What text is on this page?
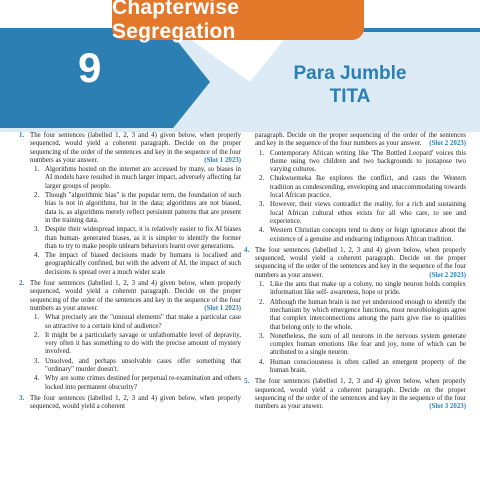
Chapterwise Segregation
9	Para Jumble
TITA
1. The four sentences (labelled 1, 2, 3 and 4) given below, when properly sequenced, would yield a coherent paragraph. Decide on the proper sequencing of the order of the sentences and key in the sequence of the four numbers as your answer.	(Slot 1 2023)

1. Algorithms hosted on the internet are accessed by many, so biases in AI models have resulted in much larger impact, adversely affecting far larger groups of people.
2. Though "algorithmic bias" is the popular term, the foundation of such bias is not in algorithms, but in the data; algorithms are not biased, data is, as algorithms merely reflect persistent patterns that are present in the training data.
3. Despite their widespread impact, it is relatively easier to fix AI biases than human- generated biases, as it is simpler to identify the former than to try to make people unlearn behaviors learnt over generations.
4. The impact of biased decisions made by humans is localised and geographically confined, but with the advent of AI, the impact of such decisions is spread over a much wider scale
2. The four sentences (labelled 1, 2, 3 and 4) given below, when properly sequenced, would yield a coherent paragraph. Decide on the proper sequencing of the order of the sentences and key in the sequence of the four numbers as your answer.	(Slot 1 2023)

1. What precisely are the "unusual elements" that make a particular case so attractive to a certain kind of audience?
2. It might be a particularly savage or unfathomable level of depravity, very often it has something to do with the precise amount of mystery involved.
3. Unsolved, and perhaps unsolvable cases offer something that "ordinary" murder doesn't.
4. Why are some crimes destined for perpetual re-examination and others locked into permanent obscurity?
3. The four sentences (labelled 1, 2, 3 and 4) given below, when properly sequenced, would yield a coherent

paragraph. Decide on the proper sequencing of the order of the sentences and key in the sequence of the four numbers as your answer. (Slot 2 2023)

1. Contemporary African writing like 'The Bottled Leopard' voices this theme using two children and two backgrounds to juxtapose two varying cultures.
2. Chukwuemeka Ike explores the conflict, and casts the Western tradition as condescending, enveloping and unaccommodating towards local African practice.
3. However, their views contradict the reality, for a rich and sustaining local African cultural ethos exists for all who care, to see and experience.
4. Western Christian concepts tend to deny or feign ignorance about the existence of a genuine and endearing indigenous African tradition.
4. The four sentences (labelled 1, 2, 3 and 4) given below, when properly sequenced, would yield a coherent paragraph. Decide on the proper sequencing of the order of the sentences and key in the sequence of the four numbers as your answer.	(Slot 2 2023)

1. Like the ants that make up a colony, no single neuron holds complex information like self- awareness, hope or pride.
2. Although the human brain is not yet understood enough to identify the mechanism by which emergence functions, most neurobiologists agree that complex interconnections among the parts give rise to qualities that belong only to the whole.
3. Nonetheless, the sum of all neurons in the nervous system generate complex human emotions like fear and joy, none of which can be attributed to a single neuron.
4. Human consciousness is often called an emergent property of the human brain.
5. The four sentences (labelled 1, 2, 3 and 4) given below, when properly sequenced, would yield a coherent paragraph. Decide on the proper sequencing of the order of the sentences and key in the sequence of the four numbers as your answer.	(Slot 3 2023)
